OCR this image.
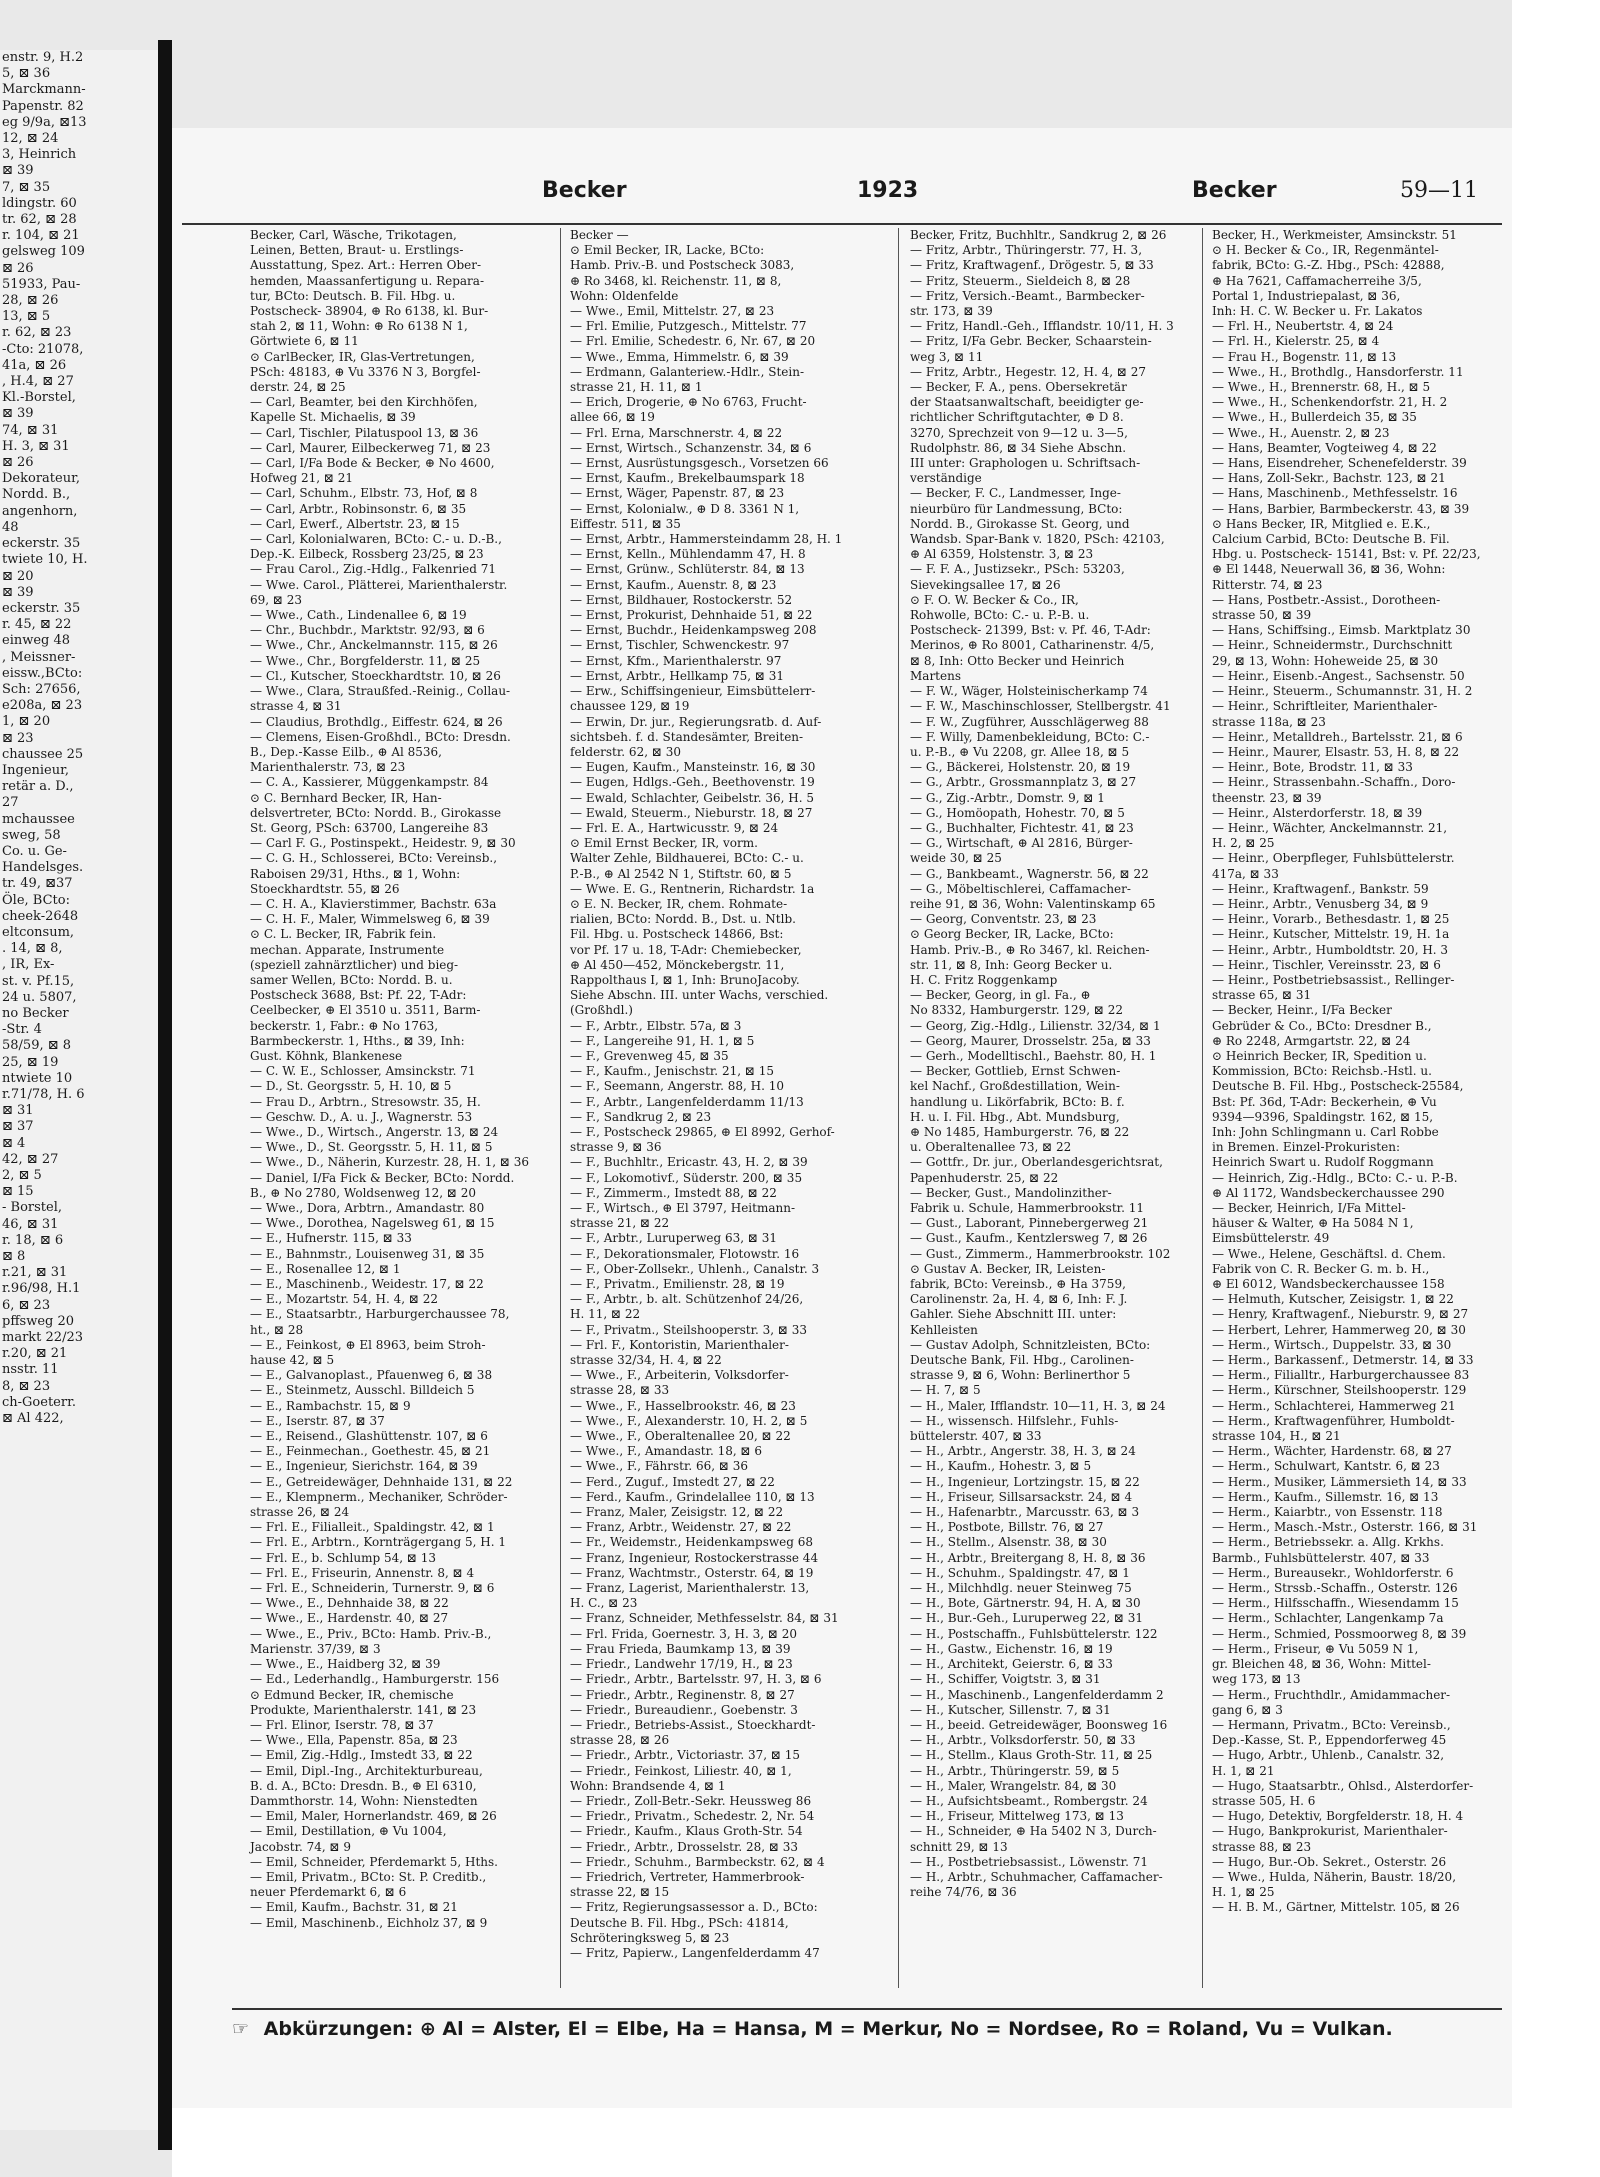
enstr. 9, H.2
5, ⊠ 36
Marckmann-
Papenstr. 82
eg 9/9a, ⊠13
12, ⊠ 24
3, Heinrich
⊠ 39
7, ⊠ 35
ldingstr. 60
tr. 62, ⊠ 28
r. 104, ⊠ 21
gelsweg 109
⊠ 26
51933, Pau-
28, ⊠ 26
13, ⊠ 5
r. 62, ⊠ 23
-Cto: 21078,
41a, ⊠ 26
, H.4, ⊠ 27
Kl.-Borstel,
⊠ 39
74, ⊠ 31
H. 3, ⊠ 31
⊠ 26
Dekorateur,
Nordd. B.,
angenhorn,
48
eckerstr. 35
twiete 10, H.
⊠ 20
⊠ 39
eckerstr. 35
r. 45, ⊠ 22
einweg 48
, Meissner-
eissw.,BCto:
Sch: 27656,
e208a, ⊠ 23
1, ⊠ 20
⊠ 23
chaussee 25
Ingenieur,
retär a. D.,
27
mchaussee
sweg, 58
Co. u. Ge-
Handelsges.
tr. 49, ⊠37
Öle, BCto:
cheek-2648
eltconsum,
. 14, ⊠ 8,
, IR, Ex-
st. v. Pf.15,
24 u. 5807,
no Becker
-Str. 4
58/59, ⊠ 8
25, ⊠ 19
ntwiete 10
r.71/78, H. 6
⊠ 31
⊠ 37
⊠ 4
42, ⊠ 27
2, ⊠ 5
⊠ 15
- Borstel,
46, ⊠ 31
r. 18, ⊠ 6
⊠ 8
r.21, ⊠ 31
r.96/98, H.1
6, ⊠ 23
pffsweg 20
markt 22/23
r.20, ⊠ 21
nsstr. 11
8, ⊠ 23
ch-Goeterr.
⊠ Al 422,
Becker	1923	Becker	59—11
Becker, Carl, Wäsche, Trikotagen,
Leinen, Betten, Braut- u. Erstlings-
Ausstattung, Spez. Art.: Herren Ober-
hemden, Maassanfertigung u. Repara-
tur, BCto: Deutsch. B. Fil. Hbg. u.
Postscheck- 38904, ⊕ Ro 6138, kl. Bur-
stah 2, ⊠ 11, Wohn: ⊕ Ro 6138 N 1,
Görtwiete 6, ⊠ 11
⊙ CarlBecker, IR, Glas-Vertretungen,
PSch: 48183, ⊕ Vu 3376 N 3, Borgfel-
derstr. 24, ⊠ 25
— Carl, Beamter, bei den Kirchhöfen,
Kapelle St. Michaelis, ⊠ 39
— Carl, Tischler, Pilatuspool 13, ⊠ 36
— Carl, Maurer, Eilbeckerweg 71, ⊠ 23
— Carl, I/Fa Bode & Becker, ⊕ No 4600,
Hofweg 21, ⊠ 21
— Carl, Schuhm., Elbstr. 73, Hof, ⊠ 8
— Carl, Arbtr., Robinsonstr. 6, ⊠ 35
— Carl, Ewerf., Albertstr. 23, ⊠ 15
— Carl, Kolonialwaren, BCto: C.- u. D.-B.,
Dep.-K. Eilbeck, Rossberg 23/25, ⊠ 23
— Frau Carol., Zig.-Hdlg., Falkenried 71
— Wwe. Carol., Plätterei, Marienthalerstr.
69, ⊠ 23
— Wwe., Cath., Lindenallee 6, ⊠ 19
— Chr., Buchbdr., Marktstr. 92/93, ⊠ 6
— Wwe., Chr., Anckelmannstr. 115, ⊠ 26
— Wwe., Chr., Borgfelderstr. 11, ⊠ 25
— Cl., Kutscher, Stoeckhardtstr. 10, ⊠ 26
— Wwe., Clara, Straußfed.-Reinig., Collau-
strasse 4, ⊠ 31
— Claudius, Brothdlg., Eiffestr. 624, ⊠ 26
— Clemens, Eisen-Großhdl., BCto: Dresdn.
B., Dep.-Kasse Eilb., ⊕ Al 8536,
Marienthalerstr. 73, ⊠ 23
— C. A., Kassierer, Müggenkampstr. 84
⊙ C. Bernhard Becker, IR, Han-
delsvertreter, BCto: Nordd. B., Girokasse
St. Georg, PSch: 63700, Langereihe 83
— Carl F. G., Postinspekt., Heidestr. 9, ⊠ 30
— C. G. H., Schlosserei, BCto: Vereinsb.,
Raboisen 29/31, Hths., ⊠ 1, Wohn:
Stoeckhardtstr. 55, ⊠ 26
— C. H. A., Klavierstimmer, Bachstr. 63a
— C. H. F., Maler, Wimmelsweg 6, ⊠ 39
⊙ C. L. Becker, IR, Fabrik fein.
mechan. Apparate, Instrumente
(speziell zahnärztlicher) und bieg-
samer Wellen, BCto: Nordd. B. u.
Postscheck 3688, Bst: Pf. 22, T-Adr:
Ceelbecker, ⊕ El 3510 u. 3511, Barm-
beckerstr. 1, Fabr.: ⊕ No 1763,
Barmbeckerstr. 1, Hths., ⊠ 39, Inh:
Gust. Köhnk, Blankenese
— C. W. E., Schlosser, Amsinckstr. 71
— D., St. Georgsstr. 5, H. 10, ⊠ 5
— Frau D., Arbtrn., Stresowstr. 35, H.
— Geschw. D., A. u. J., Wagnerstr. 53
— Wwe., D., Wirtsch., Angerstr. 13, ⊠ 24
— Wwe., D., St. Georgsstr. 5, H. 11, ⊠ 5
— Wwe., D., Näherin, Kurzestr. 28, H. 1, ⊠ 36
— Daniel, I/Fa Fick & Becker, BCto: Nordd.
B., ⊕ No 2780, Woldsenweg 12, ⊠ 20
— Wwe., Dora, Arbtrn., Amandastr. 80
— Wwe., Dorothea, Nagelsweg 61, ⊠ 15
— E., Hufnerstr. 115, ⊠ 33
— E., Bahnmstr., Louisenweg 31, ⊠ 35
— E., Rosenallee 12, ⊠ 1
— E., Maschinenb., Weidestr. 17, ⊠ 22
— E., Mozartstr. 54, H. 4, ⊠ 22
— E., Staatsarbtr., Harburgerchaussee 78,
ht., ⊠ 28
— E., Feinkost, ⊕ El 8963, beim Stroh-
hause 42, ⊠ 5
— E., Galvanoplast., Pfauenweg 6, ⊠ 38
— E., Steinmetz, Ausschl. Billdeich 5
— E., Rambachstr. 15, ⊠ 9
— E., Iserstr. 87, ⊠ 37
— E., Reisend., Glashüttenstr. 107, ⊠ 6
— E., Feinmechan., Goethestr. 45, ⊠ 21
— E., Ingenieur, Sierichstr. 164, ⊠ 39
— E., Getreidewäger, Dehnhaide 131, ⊠ 22
— E., Klempnerm., Mechaniker, Schröder-
strasse 26, ⊠ 24
— Frl. E., Filialleit., Spaldingstr. 42, ⊠ 1
— Frl. E., Arbtrn., Kornträgergang 5, H. 1
— Frl. E., b. Schlump 54, ⊠ 13
— Frl. E., Friseurin, Annenstr. 8, ⊠ 4
— Frl. E., Schneiderin, Turnerstr. 9, ⊠ 6
— Wwe., E., Dehnhaide 38, ⊠ 22
— Wwe., E., Hardenstr. 40, ⊠ 27
— Wwe., E., Priv., BCto: Hamb. Priv.-B.,
Marienstr. 37/39, ⊠ 3
— Wwe., E., Haidberg 32, ⊠ 39
— Ed., Lederhandlg., Hamburgerstr. 156
⊙ Edmund Becker, IR, chemische
Produkte, Marienthalerstr. 141, ⊠ 23
— Frl. Elinor, Iserstr. 78, ⊠ 37
— Wwe., Ella, Papenstr. 85a, ⊠ 23
— Emil, Zig.-Hdlg., Imstedt 33, ⊠ 22
— Emil, Dipl.-Ing., Architekturbureau,
B. d. A., BCto: Dresdn. B., ⊕ El 6310,
Dammthorstr. 14, Wohn: Nienstedten
— Emil, Maler, Hornerlandstr. 469, ⊠ 26
— Emil, Destillation, ⊕ Vu 1004,
Jacobstr. 74, ⊠ 9
— Emil, Schneider, Pferdemarkt 5, Hths.
— Emil, Privatm., BCto: St. P. Creditb.,
neuer Pferdemarkt 6, ⊠ 6
— Emil, Kaufm., Bachstr. 31, ⊠ 21
— Emil, Maschinenb., Eichholz 37, ⊠ 9
Becker —
⊙ Emil Becker, IR, Lacke, BCto:
Hamb. Priv.-B. und Postscheck 3083,
⊕ Ro 3468, kl. Reichenstr. 11, ⊠ 8,
Wohn: Oldenfelde
— Wwe., Emil, Mittelstr. 27, ⊠ 23
— Frl. Emilie, Putzgesch., Mittelstr. 77
— Frl. Emilie, Schedestr. 6, Nr. 67, ⊠ 20
— Wwe., Emma, Himmelstr. 6, ⊠ 39
— Erdmann, Galanteriew.-Hdlr., Stein-
strasse 21, H. 11, ⊠ 1
— Erich, Drogerie, ⊕ No 6763, Frucht-
allee 66, ⊠ 19
— Frl. Erna, Marschnerstr. 4, ⊠ 22
— Ernst, Wirtsch., Schanzenstr. 34, ⊠ 6
— Ernst, Ausrüstungsgesch., Vorsetzen 66
— Ernst, Kaufm., Brekelbaumspark 18
— Ernst, Wäger, Papenstr. 87, ⊠ 23
— Ernst, Kolonialw., ⊕ D 8. 3361 N 1,
Eiffestr. 511, ⊠ 35
— Ernst, Arbtr., Hammersteindamm 28, H. 1
— Ernst, Kelln., Mühlendamm 47, H. 8
— Ernst, Grünw., Schlüterstr. 84, ⊠ 13
— Ernst, Kaufm., Auenstr. 8, ⊠ 23
— Ernst, Bildhauer, Rostockerstr. 52
— Ernst, Prokurist, Dehnhaide 51, ⊠ 22
— Ernst, Buchdr., Heidenkampsweg 208
— Ernst, Tischler, Schwenckestr. 97
— Ernst, Kfm., Marienthalerstr. 97
— Ernst, Arbtr., Hellkamp 75, ⊠ 31
— Erw., Schiffsingenieur, Eimsbüttelerr-
chaussee 129, ⊠ 19
— Erwin, Dr. jur., Regierungsratb. d. Auf-
sichtsbeh. f. d. Standesämter, Breiten-
felderstr. 62, ⊠ 30
— Eugen, Kaufm., Mansteinstr. 16, ⊠ 30
— Eugen, Hdlgs.-Geh., Beethovenstr. 19
— Ewald, Schlachter, Geibelstr. 36, H. 5
— Ewald, Steuerm., Nieburstr. 18, ⊠ 27
— Frl. E. A., Hartwicusstr. 9, ⊠ 24
⊙ Emil Ernst Becker, IR, vorm.
Walter Zehle, Bildhauerei, BCto: C.- u.
P.-B., ⊕ Al 2542 N 1, Stiftstr. 60, ⊠ 5
— Wwe. E. G., Rentnerin, Richardstr. 1a
⊙ E. N. Becker, IR, chem. Rohmate-
rialien, BCto: Nordd. B., Dst. u. Ntlb.
Fil. Hbg. u. Postscheck 14866, Bst:
vor Pf. 17 u. 18, T-Adr: Chemiebecker,
⊕ Al 450—452, Mönckebergstr. 11,
Rappolthaus I, ⊠ 1, Inh: BrunoJacoby.
Siehe Abschn. III. unter Wachs, verschied.
(Großhdl.)
— F., Arbtr., Elbstr. 57a, ⊠ 3
— F., Langereihe 91, H. 1, ⊠ 5
— F., Grevenweg 45, ⊠ 35
— F., Kaufm., Jenischstr. 21, ⊠ 15
— F., Seemann, Angerstr. 88, H. 10
— F., Arbtr., Langenfelderdamm 11/13
— F., Sandkrug 2, ⊠ 23
— F., Postscheck 29865, ⊕ El 8992, Gerhof-
strasse 9, ⊠ 36
— F., Buchhltr., Ericastr. 43, H. 2, ⊠ 39
— F., Lokomotivf., Süderstr. 200, ⊠ 35
— F., Zimmerm., Imstedt 88, ⊠ 22
— F., Wirtsch., ⊕ El 3797, Heitmann-
strasse 21, ⊠ 22
— F., Arbtr., Luruperweg 63, ⊠ 31
— F., Dekorationsmaler, Flotowstr. 16
— F., Ober-Zollsekr., Uhlenh., Canalstr. 3
— F., Privatm., Emilienstr. 28, ⊠ 19
— F., Arbtr., b. alt. Schützenhof 24/26,
H. 11, ⊠ 22
— F., Privatm., Steilshooperstr. 3, ⊠ 33
— Frl. F., Kontoristin, Marienthaler-
strasse 32/34, H. 4, ⊠ 22
— Wwe., F., Arbeiterin, Volksdorfer-
strasse 28, ⊠ 33
— Wwe., F., Hasselbrookstr. 46, ⊠ 23
— Wwe., F., Alexanderstr. 10, H. 2, ⊠ 5
— Wwe., F., Oberaltenallee 20, ⊠ 22
— Wwe., F., Amandastr. 18, ⊠ 6
— Wwe., F., Fährstr. 66, ⊠ 36
— Ferd., Zuguf., Imstedt 27, ⊠ 22
— Ferd., Kaufm., Grindelallee 110, ⊠ 13
— Franz, Maler, Zeisigstr. 12, ⊠ 22
— Franz, Arbtr., Weidenstr. 27, ⊠ 22
— Fr., Weidemstr., Heidenkampsweg 68
— Franz, Ingenieur, Rostockerstrasse 44
— Franz, Wachtmstr., Osterstr. 64, ⊠ 19
— Franz, Lagerist, Marienthalerstr. 13,
H. C., ⊠ 23
— Franz, Schneider, Methfesselstr. 84, ⊠ 31
— Frl. Frida, Goernestr. 3, H. 3, ⊠ 20
— Frau Frieda, Baumkamp 13, ⊠ 39
— Friedr., Landwehr 17/19, H., ⊠ 23
— Friedr., Arbtr., Bartelsstr. 97, H. 3, ⊠ 6
— Friedr., Arbtr., Reginenstr. 8, ⊠ 27
— Friedr., Bureaudienr., Goebenstr. 3
— Friedr., Betriebs-Assist., Stoeckhardt-
strasse 28, ⊠ 26
— Friedr., Arbtr., Victoriastr. 37, ⊠ 15
— Friedr., Feinkost, Liliestr. 40, ⊠ 1,
Wohn: Brandsende 4, ⊠ 1
— Friedr., Zoll-Betr.-Sekr. Heussweg 86
— Friedr., Privatm., Schedestr. 2, Nr. 54
— Friedr., Kaufm., Klaus Groth-Str. 54
— Friedr., Arbtr., Drosselstr. 28, ⊠ 33
— Friedr., Schuhm., Barmbeckstr. 62, ⊠ 4
— Friedrich, Vertreter, Hammerbrook-
strasse 22, ⊠ 15
— Fritz, Regierungsassessor a. D., BCto:
Deutsche B. Fil. Hbg., PSch: 41814,
Schröteringksweg 5, ⊠ 23
— Fritz, Papierw., Langenfelderdamm 47
Becker, Fritz, Buchhltr., Sandkrug 2, ⊠ 26
— Fritz, Arbtr., Thüringerstr. 77, H. 3,
— Fritz, Kraftwagenf., Drögestr. 5, ⊠ 33
— Fritz, Steuerm., Sieldeich 8, ⊠ 28
— Fritz, Versich.-Beamt., Barmbecker-
str. 173, ⊠ 39
— Fritz, Handl.-Geh., Ifflandstr. 10/11, H. 3
— Fritz, I/Fa Gebr. Becker, Schaarstein-
weg 3, ⊠ 11
— Fritz, Arbtr., Hegestr. 12, H. 4, ⊠ 27
— Becker, F. A., pens. Obersekretär
der Staatsanwaltschaft, beeidigter ge-
richtlicher Schriftgutachter, ⊕ D 8.
3270, Sprechzeit von 9—12 u. 3—5,
Rudolphstr. 86, ⊠ 34 Siehe Abschn.
III unter: Graphologen u. Schriftsach-
verständige
— Becker, F. C., Landmesser, Inge-
nieurbüro für Landmessung, BCto:
Nordd. B., Girokasse St. Georg, und
Wandsb. Spar-Bank v. 1820, PSch: 42103,
⊕ Al 6359, Holstenstr. 3, ⊠ 23
— F. F. A., Justizsekr., PSch: 53203,
Sievekingsallee 17, ⊠ 26
⊙ F. O. W. Becker & Co., IR,
Rohwolle, BCto: C.- u. P.-B. u.
Postscheck- 21399, Bst: v. Pf. 46, T-Adr:
Merinos, ⊕ Ro 8001, Catharinenstr. 4/5,
⊠ 8, Inh: Otto Becker und Heinrich
Martens
— F. W., Wäger, Holsteinischerkamp 74
— F. W., Maschinschlosser, Stellbergstr. 41
— F. W., Zugführer, Ausschlägerweg 88
— F. Willy, Damenbekleidung, BCto: C.-
u. P.-B., ⊕ Vu 2208, gr. Allee 18, ⊠ 5
— G., Bäckerei, Holstenstr. 20, ⊠ 19
— G., Arbtr., Grossmannplatz 3, ⊠ 27
— G., Zig.-Arbtr., Domstr. 9, ⊠ 1
— G., Homöopath, Hohestr. 70, ⊠ 5
— G., Buchhalter, Fichtestr. 41, ⊠ 23
— G., Wirtschaft, ⊕ Al 2816, Bürger-
weide 30, ⊠ 25
— G., Bankbeamt., Wagnerstr. 56, ⊠ 22
— G., Möbeltischlerei, Caffamacher-
reihe 91, ⊠ 36, Wohn: Valentinskamp 65
— Georg, Conventstr. 23, ⊠ 23
⊙ Georg Becker, IR, Lacke, BCto:
Hamb. Priv.-B., ⊕ Ro 3467, kl. Reichen-
str. 11, ⊠ 8, Inh: Georg Becker u.
H. C. Fritz Roggenkamp
— Becker, Georg, in gl. Fa., ⊕
No 8332, Hamburgerstr. 129, ⊠ 22
— Georg, Zig.-Hdlg., Lilienstr. 32/34, ⊠ 1
— Georg, Maurer, Drosselstr. 25a, ⊠ 33
— Gerh., Modelltischl., Baehstr. 80, H. 1
— Becker, Gottlieb, Ernst Schwen-
kel Nachf., Großdestillation, Wein-
handlung u. Likörfabrik, BCto: B. f.
H. u. I. Fil. Hbg., Abt. Mundsburg,
⊕ No 1485, Hamburgerstr. 76, ⊠ 22
u. Oberaltenallee 73, ⊠ 22
— Gottfr., Dr. jur., Oberlandesgerichtsrat,
Papenhuderstr. 25, ⊠ 22
— Becker, Gust., Mandolinzither-
Fabrik u. Schule, Hammerbrookstr. 11
— Gust., Laborant, Pinnebergerweg 21
— Gust., Kaufm., Kentzlersweg 7, ⊠ 26
— Gust., Zimmerm., Hammerbrookstr. 102
⊙ Gustav A. Becker, IR, Leisten-
fabrik, BCto: Vereinsb., ⊕ Ha 3759,
Carolinenstr. 2a, H. 4, ⊠ 6, Inh: F. J.
Gahler. Siehe Abschnitt III. unter:
Kehlleisten
— Gustav Adolph, Schnitzleisten, BCto:
Deutsche Bank, Fil. Hbg., Carolinen-
strasse 9, ⊠ 6, Wohn: Berlinerthor 5
— H. 7, ⊠ 5
— H., Maler, Ifflandstr. 10—11, H. 3, ⊠ 24
— H., wissensch. Hilfslehr., Fuhls-
büttelerstr. 407, ⊠ 33
— H., Arbtr., Angerstr. 38, H. 3, ⊠ 24
— H., Kaufm., Hohestr. 3, ⊠ 5
— H., Ingenieur, Lortzingstr. 15, ⊠ 22
— H., Friseur, Sillsarsackstr. 24, ⊠ 4
— H., Hafenarbtr., Marcusstr. 63, ⊠ 3
— H., Postbote, Billstr. 76, ⊠ 27
— H., Stellm., Alsenstr. 38, ⊠ 30
— H., Arbtr., Breitergang 8, H. 8, ⊠ 36
— H., Schuhm., Spaldingstr. 47, ⊠ 1
— H., Milchhdlg. neuer Steinweg 75
— H., Bote, Gärtnerstr. 94, H. A, ⊠ 30
— H., Bur.-Geh., Luruperweg 22, ⊠ 31
— H., Postschaffn., Fuhlsbüttelerstr. 122
— H., Gastw., Eichenstr. 16, ⊠ 19
— H., Architekt, Geierstr. 6, ⊠ 33
— H., Schiffer, Voigtstr. 3, ⊠ 31
— H., Maschinenb., Langenfelderdamm 2
— H., Kutscher, Sillenstr. 7, ⊠ 31
— H., beeid. Getreidewäger, Boonsweg 16
— H., Arbtr., Volksdorferstr. 50, ⊠ 33
— H., Stellm., Klaus Groth-Str. 11, ⊠ 25
— H., Arbtr., Thüringerstr. 59, ⊠ 5
— H., Maler, Wrangelstr. 84, ⊠ 30
— H., Aufsichtsbeamt., Rombergstr. 24
— H., Friseur, Mittelweg 173, ⊠ 13
— H., Schneider, ⊕ Ha 5402 N 3, Durch-
schnitt 29, ⊠ 13
— H., Postbetriebsassist., Löwenstr. 71
— H., Arbtr., Schuhmacher, Caffamacher-
reihe 74/76, ⊠ 36
Becker, H., Werkmeister, Amsinckstr. 51
⊙ H. Becker & Co., IR, Regenmäntel-
fabrik, BCto: G.-Z. Hbg., PSch: 42888,
⊕ Ha 7621, Caffamacherreihe 3/5,
Portal 1, Industriepalast, ⊠ 36,
Inh: H. C. W. Becker u. Fr. Lakatos
— Frl. H., Neubertstr. 4, ⊠ 24
— Frl. H., Kielerstr. 25, ⊠ 4
— Frau H., Bogenstr. 11, ⊠ 13
— Wwe., H., Brothdlg., Hansdorferstr. 11
— Wwe., H., Brennerstr. 68, H., ⊠ 5
— Wwe., H., Schenkendorfstr. 21, H. 2
— Wwe., H., Bullerdeich 35, ⊠ 35
— Wwe., H., Auenstr. 2, ⊠ 23
— Hans, Beamter, Vogteiweg 4, ⊠ 22
— Hans, Eisendreher, Schenefelderstr. 39
— Hans, Zoll-Sekr., Bachstr. 123, ⊠ 21
— Hans, Maschinenb., Methfesselstr. 16
— Hans, Barbier, Barmbeckerstr. 43, ⊠ 39
⊙ Hans Becker, IR, Mitglied e. E.K.,
Calcium Carbid, BCto: Deutsche B. Fil.
Hbg. u. Postscheck- 15141, Bst: v. Pf. 22/23,
⊕ El 1448, Neuerwall 36, ⊠ 36, Wohn:
Ritterstr. 74, ⊠ 23
— Hans, Postbetr.-Assist., Dorotheen-
strasse 50, ⊠ 39
— Hans, Schiffsing., Eimsb. Marktplatz 30
— Heinr., Schneidermstr., Durchschnitt
29, ⊠ 13, Wohn: Hoheweide 25, ⊠ 30
— Heinr., Eisenb.-Angest., Sachsenstr. 50
— Heinr., Steuerm., Schumannstr. 31, H. 2
— Heinr., Schriftleiter, Marienthaler-
strasse 118a, ⊠ 23
— Heinr., Metalldreh., Bartelsstr. 21, ⊠ 6
— Heinr., Maurer, Elsastr. 53, H. 8, ⊠ 22
— Heinr., Bote, Brodstr. 11, ⊠ 33
— Heinr., Strassenbahn.-Schaffn., Doro-
theenstr. 23, ⊠ 39
— Heinr., Alsterdorferstr. 18, ⊠ 39
— Heinr., Wächter, Anckelmannstr. 21,
H. 2, ⊠ 25
— Heinr., Oberpfleger, Fuhlsbüttelerstr.
417a, ⊠ 33
— Heinr., Kraftwagenf., Bankstr. 59
— Heinr., Arbtr., Venusberg 34, ⊠ 9
— Heinr., Vorarb., Bethesdastr. 1, ⊠ 25
— Heinr., Kutscher, Mittelstr. 19, H. 1a
— Heinr., Arbtr., Humboldtstr. 20, H. 3
— Heinr., Tischler, Vereinsstr. 23, ⊠ 6
— Heinr., Postbetriebsassist., Rellinger-
strasse 65, ⊠ 31
— Becker, Heinr., I/Fa Becker
Gebrüder & Co., BCto: Dresdner B.,
⊕ Ro 2248, Armgartstr. 22, ⊠ 24
⊙ Heinrich Becker, IR, Spedition u.
Kommission, BCto: Reichsb.-Hstl. u.
Deutsche B. Fil. Hbg., Postscheck-25584,
Bst: Pf. 36d, T-Adr: Beckerhein, ⊕ Vu
9394—9396, Spaldingstr. 162, ⊠ 15,
Inh: John Schlingmann u. Carl Robbe
in Bremen. Einzel-Prokuristen:
Heinrich Swart u. Rudolf Roggmann
— Heinrich, Zig.-Hdlg., BCto: C.- u. P.-B.
⊕ Al 1172, Wandsbeckerchaussee 290
— Becker, Heinrich, I/Fa Mittel-
häuser & Walter, ⊕ Ha 5084 N 1,
Eimsbüttelerstr. 49
— Wwe., Helene, Geschäftsl. d. Chem.
Fabrik von C. R. Becker G. m. b. H.,
⊕ El 6012, Wandsbeckerchaussee 158
— Helmuth, Kutscher, Zeisigstr. 1, ⊠ 22
— Henry, Kraftwagenf., Nieburstr. 9, ⊠ 27
— Herbert, Lehrer, Hammerweg 20, ⊠ 30
— Herm., Wirtsch., Duppelstr. 33, ⊠ 30
— Herm., Barkassenf., Detmerstr. 14, ⊠ 33
— Herm., Filialltr., Harburgerchaussee 83
— Herm., Kürschner, Steilshooperstr. 129
— Herm., Schlachterei, Hammerweg 21
— Herm., Kraftwagenführer, Humboldt-
strasse 104, H., ⊠ 21
— Herm., Wächter, Hardenstr. 68, ⊠ 27
— Herm., Schulwart, Kantstr. 6, ⊠ 23
— Herm., Musiker, Lämmersieth 14, ⊠ 33
— Herm., Kaufm., Sillemstr. 16, ⊠ 13
— Herm., Kaiarbtr., von Essenstr. 118
— Herm., Masch.-Mstr., Osterstr. 166, ⊠ 31
— Herm., Betriebssekr. a. Allg. Krkhs.
Barmb., Fuhlsbüttelerstr. 407, ⊠ 33
— Herm., Bureausekr., Wohldorferstr. 6
— Herm., Strssb.-Schaffn., Osterstr. 126
— Herm., Hilfsschaffn., Wiesendamm 15
— Herm., Schlachter, Langenkamp 7a
— Herm., Schmied, Possmoorweg 8, ⊠ 39
— Herm., Friseur, ⊕ Vu 5059 N 1,
gr. Bleichen 48, ⊠ 36, Wohn: Mittel-
weg 173, ⊠ 13
— Herm., Fruchthdlr., Amidammacher-
gang 6, ⊠ 3
— Hermann, Privatm., BCto: Vereinsb.,
Dep.-Kasse, St. P., Eppendorferweg 45
— Hugo, Arbtr., Uhlenb., Canalstr. 32,
H. 1, ⊠ 21
— Hugo, Staatsarbtr., Ohlsd., Alsterdorfer-
strasse 505, H. 6
— Hugo, Detektiv, Borgfelderstr. 18, H. 4
— Hugo, Bankprokurist, Marienthaler-
strasse 88, ⊠ 23
— Hugo, Bur.-Ob. Sekret., Osterstr. 26
— Wwe., Hulda, Näherin, Baustr. 18/20,
H. 1, ⊠ 25
— H. B. M., Gärtner, Mittelstr. 105, ⊠ 26
☞ Abkürzungen: ⊕ Al = Alster, El = Elbe, Ha = Hansa, M = Merkur, No = Nordsee, Ro = Roland, Vu = Vulkan.
